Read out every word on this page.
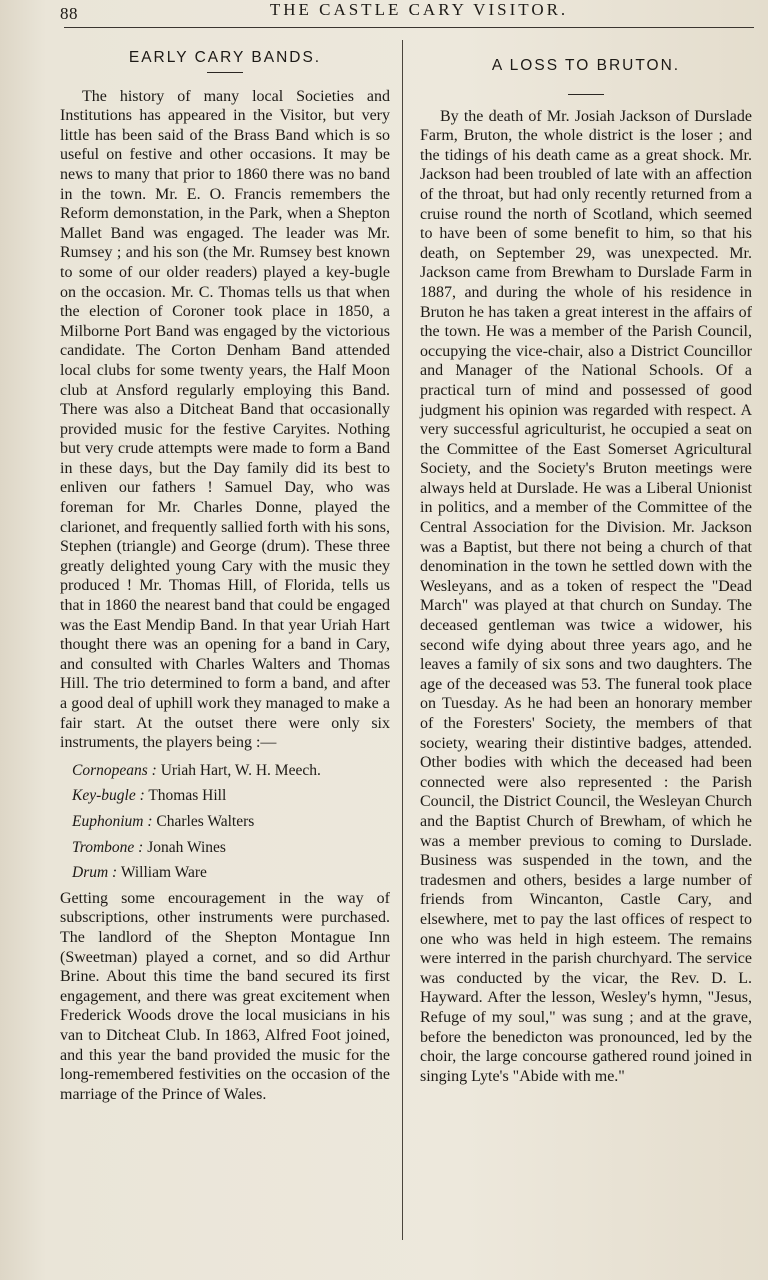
88	THE CASTLE CARY VISITOR.
EARLY CARY BANDS.

The history of many local Societies and Institutions has appeared in the Visitor, but very little has been said of the Brass Band which is so useful on festive and other occasions. It may be news to many that prior to 1860 there was no band in the town. Mr. E. O. Francis remembers the Reform demonstation, in the Park, when a Shepton Mallet Band was engaged. The leader was Mr. Rumsey ; and his son (the Mr. Rumsey best known to some of our older readers) played a key-bugle on the occasion. Mr. C. Thomas tells us that when the election of Coroner took place in 1850, a Milborne Port Band was engaged by the victorious candidate. The Corton Denham Band attended local clubs for some twenty years, the Half Moon club at Ansford regularly employing this Band. There was also a Ditcheat Band that occasionally provided music for the festive Caryites. Nothing but very crude attempts were made to form a Band in these days, but the Day family did its best to enliven our fathers ! Samuel Day, who was foreman for Mr. Charles Donne, played the clarionet, and frequently sallied forth with his sons, Stephen (triangle) and George (drum). These three greatly delighted young Cary with the music they produced ! Mr. Thomas Hill, of Florida, tells us that in 1860 the nearest band that could be engaged was the East Mendip Band. In that year Uriah Hart thought there was an opening for a band in Cary, and consulted with Charles Walters and Thomas Hill. The trio determined to form a band, and after a good deal of uphill work they managed to make a fair start. At the outset there were only six instruments, the players being :—

Cornopeans : Uriah Hart, W. H. Meech.
Key-bugle : Thomas Hill
Euphonium : Charles Walters
Trombone : Jonah Wines
Drum : William Ware

Getting some encouragement in the way of subscriptions, other instruments were purchased. The landlord of the Shepton Montague Inn (Sweetman) played a cornet, and so did Arthur Brine. About this time the band secured its first engagement, and there was great excitement when Frederick Woods drove the local musicians in his van to Ditcheat Club. In 1863, Alfred Foot joined, and this year the band provided the music for the long-remembered festivities on the occasion of the marriage of the Prince of Wales.

A LOSS TO BRUTON.

By the death of Mr. Josiah Jackson of Durslade Farm, Bruton, the whole district is the loser ; and the tidings of his death came as a great shock. Mr. Jackson had been troubled of late with an affection of the throat, but had only recently returned from a cruise round the north of Scotland, which seemed to have been of some benefit to him, so that his death, on September 29, was unexpected. Mr. Jackson came from Brewham to Durslade Farm in 1887, and during the whole of his residence in Bruton he has taken a great interest in the affairs of the town. He was a member of the Parish Council, occupying the vice-chair, also a District Councillor and Manager of the National Schools. Of a practical turn of mind and possessed of good judgment his opinion was regarded with respect. A very successful agriculturist, he occupied a seat on the Committee of the East Somerset Agricultural Society, and the Society's Bruton meetings were always held at Durslade. He was a Liberal Unionist in politics, and a member of the Committee of the Central Association for the Division. Mr. Jackson was a Baptist, but there not being a church of that denomination in the town he settled down with the Wesleyans, and as a token of respect the "Dead March" was played at that church on Sunday. The deceased gentleman was twice a widower, his second wife dying about three years ago, and he leaves a family of six sons and two daughters. The age of the deceased was 53. The funeral took place on Tuesday. As he had been an honorary member of the Foresters' Society, the members of that society, wearing their distintive badges, attended. Other bodies with which the deceased had been connected were also represented : the Parish Council, the District Council, the Wesleyan Church and the Baptist Church of Brewham, of which he was a member previous to coming to Durslade. Business was suspended in the town, and the tradesmen and others, besides a large number of friends from Wincanton, Castle Cary, and elsewhere, met to pay the last offices of respect to one who was held in high esteem. The remains were interred in the parish churchyard. The service was conducted by the vicar, the Rev. D. L. Hayward. After the lesson, Wesley's hymn, "Jesus, Refuge of my soul," was sung ; and at the grave, before the benedicton was pronounced, led by the choir, the large concourse gathered round joined in singing Lyte's "Abide with me."
